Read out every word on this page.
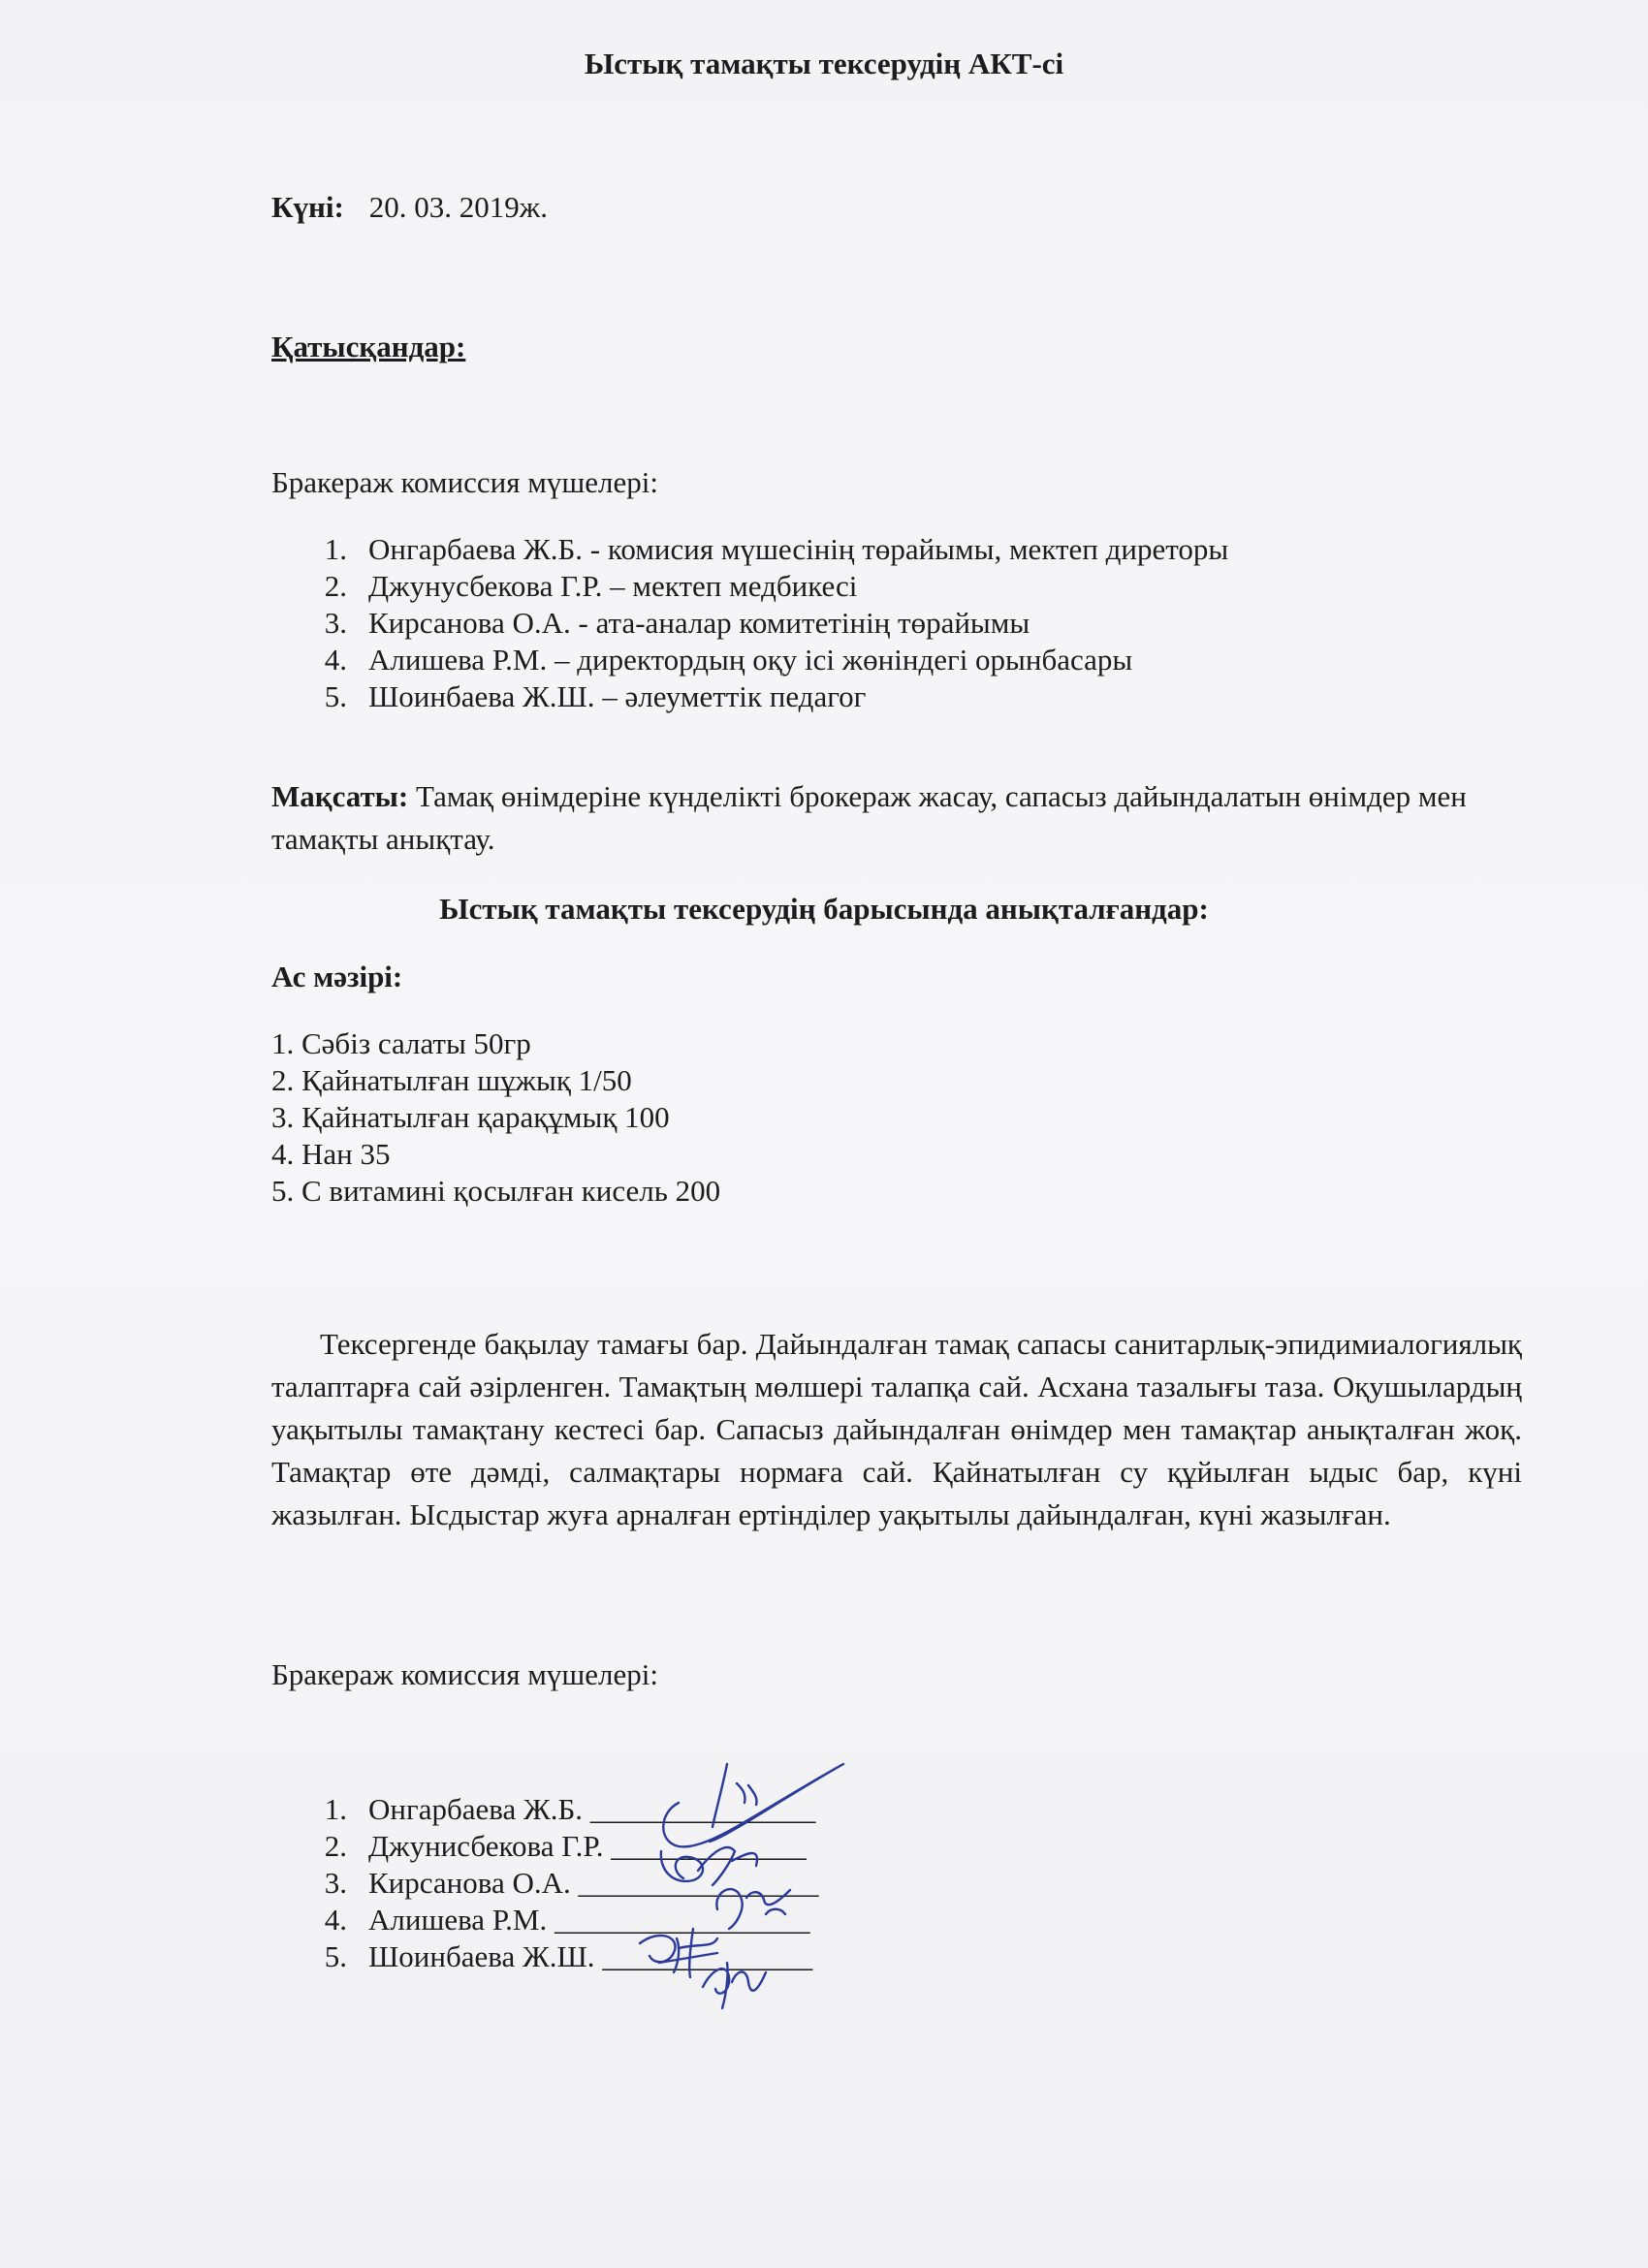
Ыстық тамақты тексерудің АКТ-сі
Күні: 20. 03. 2019ж.
Қатысқандар:
Бракераж комиссия мүшелері:
1. Онгарбаева Ж.Б. - комисия мүшесінің төрайымы, мектеп диреторы
2. Джунусбекова Г.Р. – мектеп медбикесі
3. Кирсанова О.А. - ата-аналар комитетінің төрайымы
4. Алишева Р.М. – директордың оқу ісі жөніндегі орынбасары
5. Шоинбаева Ж.Ш. – әлеуметтік педагог
Мақсаты: Тамақ өнімдеріне күнделікті брокераж жасау, сапасыз дайындалатын өнімдер мен тамақты анықтау.
Ыстық тамақты тексерудің барысында анықталғандар:
Ас мәзірі:
1. Сәбіз салаты 50гр
2. Қайнатылған шұжық 1/50
3. Қайнатылған қарақұмық 100
4. Нан 35
5. С витамині қосылған кисель 200
Тексергенде бақылау тамағы бар. Дайындалған тамақ сапасы санитарлық-эпидимиалогиялық талаптарға сай әзірленген. Тамақтың мөлшері талапқа сай. Асхана тазалығы таза. Оқушылардың уақытылы тамақтану кестесі бар. Сапасыз дайындалған өнімдер мен тамақтар анықталған жоқ. Тамақтар өте дәмді, салмақтары нормаға сай. Қайнатылған су құйылған ыдыс бар, күні жазылған. Ыcдыстар жуға арналған ертінділер уақытылы дайындалған, күні жазылған.
Бракераж комиссия мүшелері:
1. Онгарбаева Ж.Б. _______________
2. Джунисбекова Г.Р. _____________
3. Кирсанова О.А. ________________
4. Алишева Р.М. _________________
5. Шоинбаева Ж.Ш. ______________
